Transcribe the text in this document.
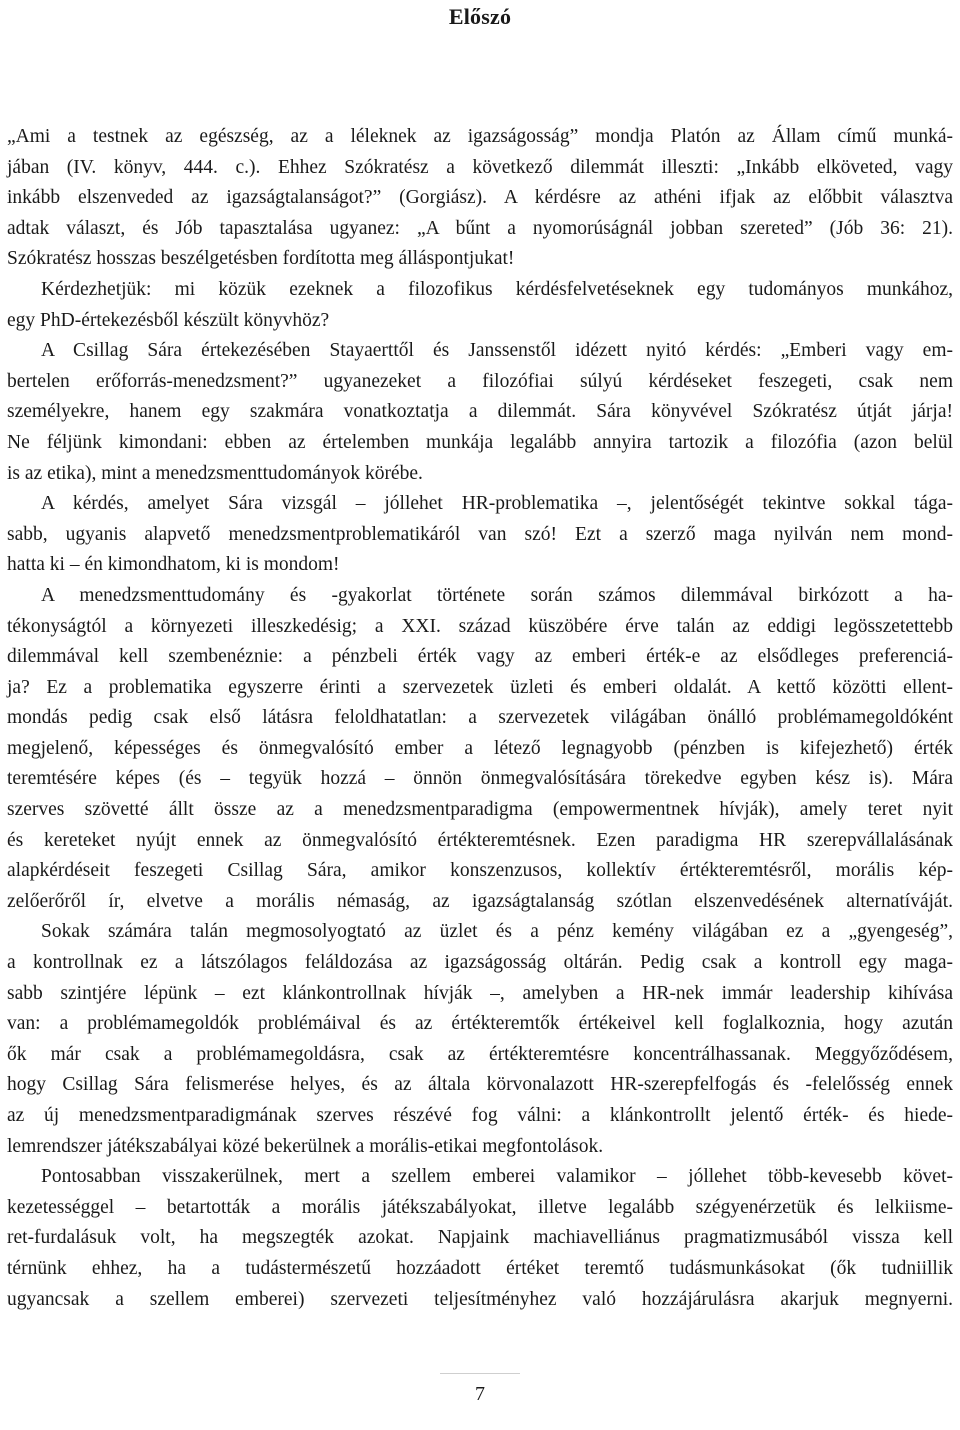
Előszó
„Ami a testnek az egészség, az a léleknek az igazságosság” mondja Platón az Állam című munká-
jában (IV. könyv, 444. c.). Ehhez Szókratész a következő dilemmát illeszti: „Inkább elköveted, vagy
inkább elszenveded az igazságtalanságot?” (Gorgiász). A kérdésre az athéni ifjak az előbbit választva
adtak választ, és Jób tapasztalása ugyanez: „A bűnt a nyomorúságnál jobban szereted” (Jób 36: 21).
Szókratész hosszas beszélgetésben fordította meg álláspontjukat!
Kérdezhetjük: mi közük ezeknek a filozofikus kérdésfelvetéseknek egy tudományos munkához,
egy PhD-értekezésből készült könyvhöz?
A Csillag Sára értekezésében Stayaerttől és Janssenstől idézett nyitó kérdés: „Emberi vagy em-
bertelen erőforrás-menedzsment?” ugyanezeket a filozófiai súlyú kérdéseket feszegeti, csak nem
személyekre, hanem egy szakmára vonatkoztatja a dilemmát. Sára könyvével Szókratész útját járja!
Ne féljünk kimondani: ebben az értelemben munkája legalább annyira tartozik a filozófia (azon belül
is az etika), mint a menedzsmenttudományok körébe.
A kérdés, amelyet Sára vizsgál – jóllehet HR-problematika –, jelentőségét tekintve sokkal tága-
sabb, ugyanis alapvető menedzsmentproblematikáról van szó! Ezt a szerző maga nyilván nem mond-
hatta ki – én kimondhatom, ki is mondom!
A menedzsmenttudomány és -gyakorlat története során számos dilemmával birkózott a ha-
tékonyságtól a környezeti illeszkedésig; a XXI. század küszöbére érve talán az eddigi legösszetettebb
dilemmával kell szembenéznie: a pénzbeli érték vagy az emberi érték-e az elsődleges preferenciá-
ja? Ez a problematika egyszerre érinti a szervezetek üzleti és emberi oldalát. A kettő közötti ellent-
mondás pedig csak első látásra feloldhatatlan: a szervezetek világában önálló problémamegoldóként
megjelenő, képességes és önmegvalósító ember a létező legnagyobb (pénzben is kifejezhető) érték
teremtésére képes (és – tegyük hozzá – önnön önmegvalósítására törekedve egyben kész is). Mára
szerves szövetté állt össze az a menedzsmentparadigma (empowermentnek hívják), amely teret nyit
és kereteket nyújt ennek az önmegvalósító értékteremtésnek. Ezen paradigma HR szerepvállalásának
alapkérdéseit feszegeti Csillag Sára, amikor konszenzusos, kollektív értékteremtésről, morális kép-
zelőerőről ír, elvetve a morális némaság, az igazságtalanság szótlan elszenvedésének alternatíváját.
Sokak számára talán megmosolyogtató az üzlet és a pénz kemény világában ez a „gyengeség”,
a kontrollnak ez a látszólagos feláldozása az igazságosság oltárán. Pedig csak a kontroll egy maga-
sabb szintjére lépünk – ezt klánkontrollnak hívják –, amelyben a HR-nek immár leadership kihívása
van: a problémamegoldók problémáival és az értékteremtők értékeivel kell foglalkoznia, hogy azután
ők már csak a problémamegoldásra, csak az értékteremtésre koncentrálhassanak. Meggyőződésem,
hogy Csillag Sára felismerése helyes, és az általa körvonalazott HR-szerepfelfogás és -felelősség ennek
az új menedzsmentparadigmának szerves részévé fog válni: a klánkontrollt jelentő érték- és hiede-
lemrendszer játékszabályai közé bekerülnek a morális-etikai megfontolások.
Pontosabban visszakerülnek, mert a szellem emberei valamikor – jóllehet több-kevesebb követ-
kezetességgel – betartották a morális játékszabályokat, illetve legalább szégyenérzetük és lelkiisme-
ret-furdalásuk volt, ha megszegték azokat. Napjaink machiavelliánus pragmatizmusából vissza kell
térnünk ehhez, ha a tudástermészetű hozzáadott értéket teremtő tudásmunkásokat (ők tudniillik
ugyancsak a szellem emberei) szervezeti teljesítményhez való hozzájárulásra akarjuk megnyerni.
7
